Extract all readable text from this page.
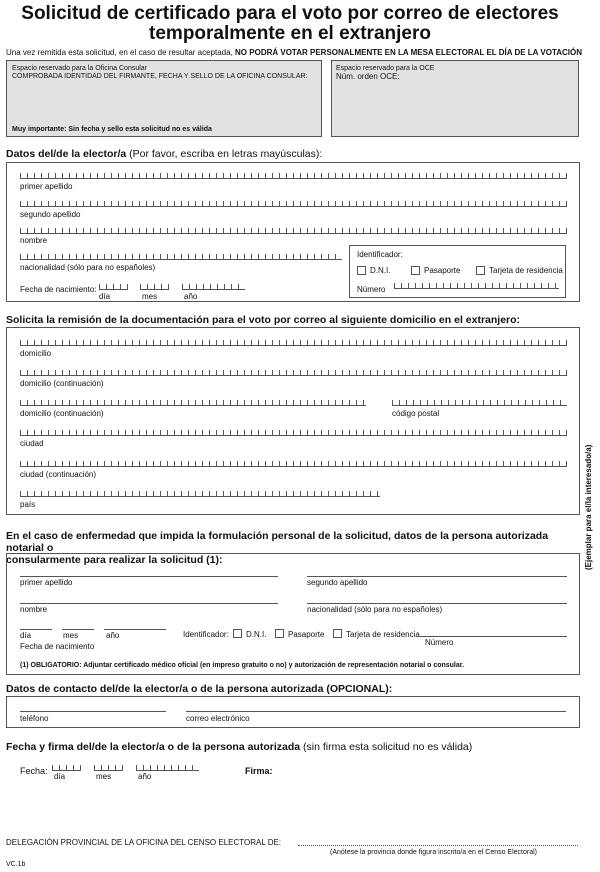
Solicitud de certificado para el voto por correo de electores
temporalmente en el extranjero
Una vez remitida esta solicitud, en el caso de resultar aceptada, NO PODRÁ VOTAR PERSONALMENTE EN LA MESA ELECTORAL EL DÍA DE LA VOTACIÓN
Espacio reservado para la Oficina Consular
COMPROBADA IDENTIDAD DEL FIRMANTE, FECHA Y SELLO DE LA OFICINA CONSULAR:
Muy importante: Sin fecha y sello esta solicitud no es válida
Espacio reservado para la OCE
Núm. orden OCE:
Datos del/de la elector/a (Por favor, escriba en letras mayúsculas):
primer apellido
segundo apellido
nombre
nacionalidad (sólo para no españoles)
Fecha de nacimiento:
día	mes	año
Identificador:
D.N.I.	Pasaporte	Tarjeta de residencia
Número
Solicita la remisión de la documentación para el voto por correo al siguiente domicilio en el extranjero:
domicilio
domicilio (continuación)
domicilio (continuación)	código postal
ciudad
ciudad (continuación)
país	(Ejemplar para el/la interesado/a)
En el caso de enfermedad que impida la formulación personal de la solicitud, datos de la persona autorizada notarial o
consularmente para realizar la solicitud (1):
primer apellido	segundo apellido
nombre	nacionalidad (sólo para no españoles)
día	mes	año
Fecha de nacimiento
Identificador: D.N.I.	Pasaporte	Tarjeta de residencia
Número
(1) OBLIGATORIO: Adjuntar certificado médico oficial (en impreso gratuito o no) y autorización de representación notarial o consular.
Datos de contacto del/de la elector/a o de la persona autorizada (OPCIONAL):
teléfono	correo electrónico
Fecha y firma del/de la elector/a o de la persona autorizada (sin firma esta solicitud no es válida)
Fecha:
día	mes	año
Firma:
DELEGACIÓN PROVINCIAL DE LA OFICINA DEL CENSO ELECTORAL DE:
(Anótese la provincia donde figura inscrito/a en el Censo Electoral)
VC.1b
